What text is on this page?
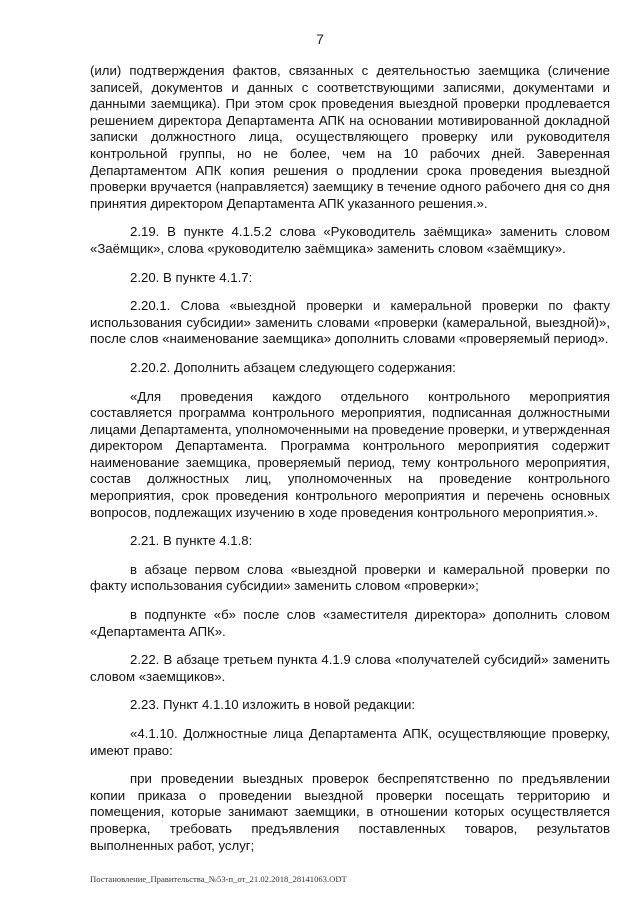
7

(или) подтверждения фактов, связанных с деятельностью заемщика (сличение записей, документов и данных с соответствующими записями, документами и данными заемщика). При этом срок проведения выездной проверки продлевается решением директора Департамента АПК на основании мотивированной докладной записки должностного лица, осуществляющего проверку или руководителя контрольной группы, но не более, чем на 10 рабочих дней. Заверенная Департаментом АПК копия решения о продлении срока проведения выездной проверки вручается (направляется) заемщику в течение одного рабочего дня со дня принятия директором Департамента АПК указанного решения.».

2.19. В пункте 4.1.5.2 слова «Руководитель заёмщика» заменить словом «Заёмщик», слова «руководителю заёмщика» заменить словом «заёмщику».

2.20. В пункте 4.1.7:

2.20.1. Слова «выездной проверки и камеральной проверки по факту использования субсидии» заменить словами «проверки (камеральной, выездной)», после слов «наименование заемщика» дополнить словами «проверяемый период».

2.20.2. Дополнить абзацем следующего содержания:

«Для проведения каждого отдельного контрольного мероприятия составляется программа контрольного мероприятия, подписанная должностными лицами Департамента, уполномоченными на проведение проверки, и утвержденная директором Департамента. Программа контрольного мероприятия содержит наименование заемщика, проверяемый период, тему контрольного мероприятия, состав должностных лиц, уполномоченных на проведение контрольного мероприятия, срок проведения контрольного мероприятия и перечень основных вопросов, подлежащих изучению в ходе проведения контрольного мероприятия.».

2.21. В пункте 4.1.8:

в абзаце первом слова «выездной проверки и камеральной проверки по факту использования субсидии» заменить словом «проверки»;

в подпункте «б» после слов «заместителя директора» дополнить словом «Департамента АПК».

2.22. В абзаце третьем пункта 4.1.9 слова «получателей субсидий» заменить словом «заемщиков».

2.23. Пункт 4.1.10 изложить в новой редакции:

«4.1.10. Должностные лица Департамента АПК, осуществляющие проверку, имеют право:

при проведении выездных проверок беспрепятственно по предъявлении копии приказа о проведении выездной проверки посещать территорию и помещения, которые занимают заемщики, в отношении которых осуществляется проверка, требовать предъявления поставленных товаров, результатов выполненных работ, услуг;

Постановление_Правительства_№53-п_от_21.02.2018_28141063.ODT
